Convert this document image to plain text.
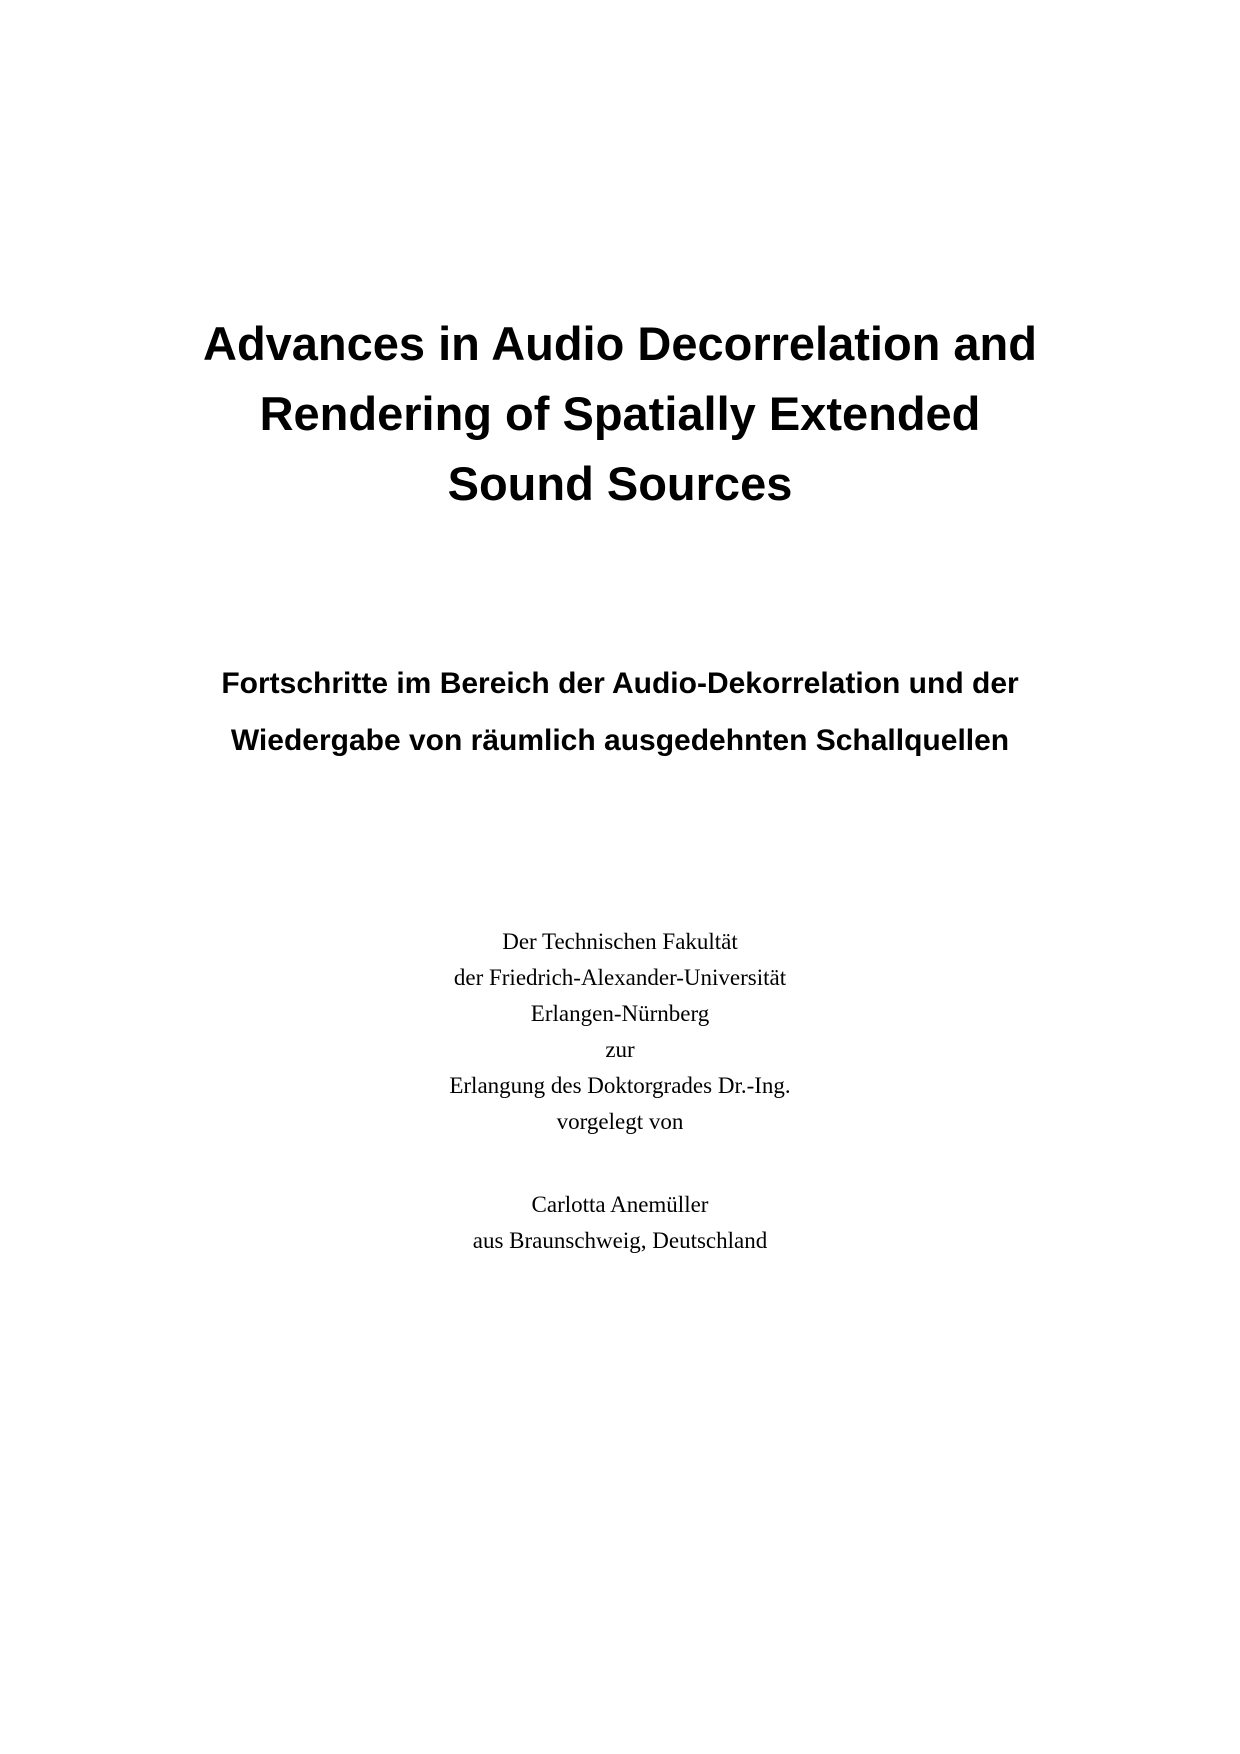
Advances in Audio Decorrelation and
Rendering of Spatially Extended
Sound Sources
Fortschritte im Bereich der Audio-Dekorrelation und der
Wiedergabe von räumlich ausgedehnten Schallquellen
Der Technischen Fakultät
der Friedrich-Alexander-Universität
Erlangen-Nürnberg
zur
Erlangung des Doktorgrades Dr.-Ing.
vorgelegt von
Carlotta Anemüller
aus Braunschweig, Deutschland
